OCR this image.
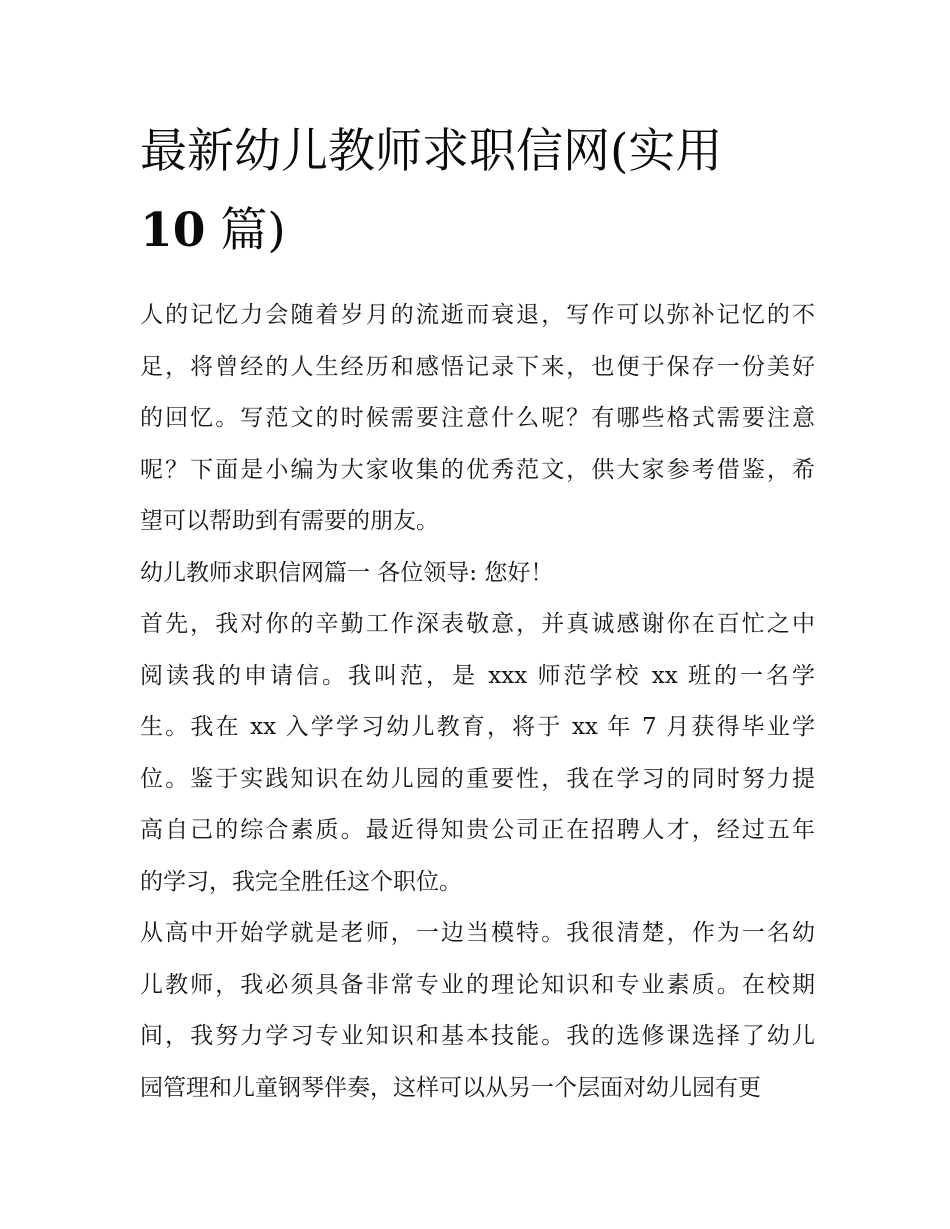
最新幼儿教师求职信网(实用
10 篇)

人的记忆力会随着岁月的流逝而衰退，写作可以弥补记忆的不
足，将曾经的人生经历和感悟记录下来，也便于保存一份美好
的回忆。写范文的时候需要注意什么呢？有哪些格式需要注意
呢？下面是小编为大家收集的优秀范文，供大家参考借鉴，希
望可以帮助到有需要的朋友。

幼儿教师求职信网篇一 各位领导: 您好！

首先，我对你的辛勤工作深表敬意，并真诚感谢你在百忙之中
阅读我的申请信。我叫范，是 xxx 师范学校 xx 班的一名学
生。我在 xx 入学学习幼儿教育，将于 xx 年 7 月获得毕业学
位。鉴于实践知识在幼儿园的重要性，我在学习的同时努力提
高自己的综合素质。最近得知贵公司正在招聘人才，经过五年
的学习，我完全胜任这个职位。

从高中开始学就是老师，一边当模特。我很清楚，作为一名幼
儿教师，我必须具备非常专业的理论知识和专业素质。在校期
间，我努力学习专业知识和基本技能。我的选修课选择了幼儿
园管理和儿童钢琴伴奏，这样可以从另一个层面对幼儿园有更
